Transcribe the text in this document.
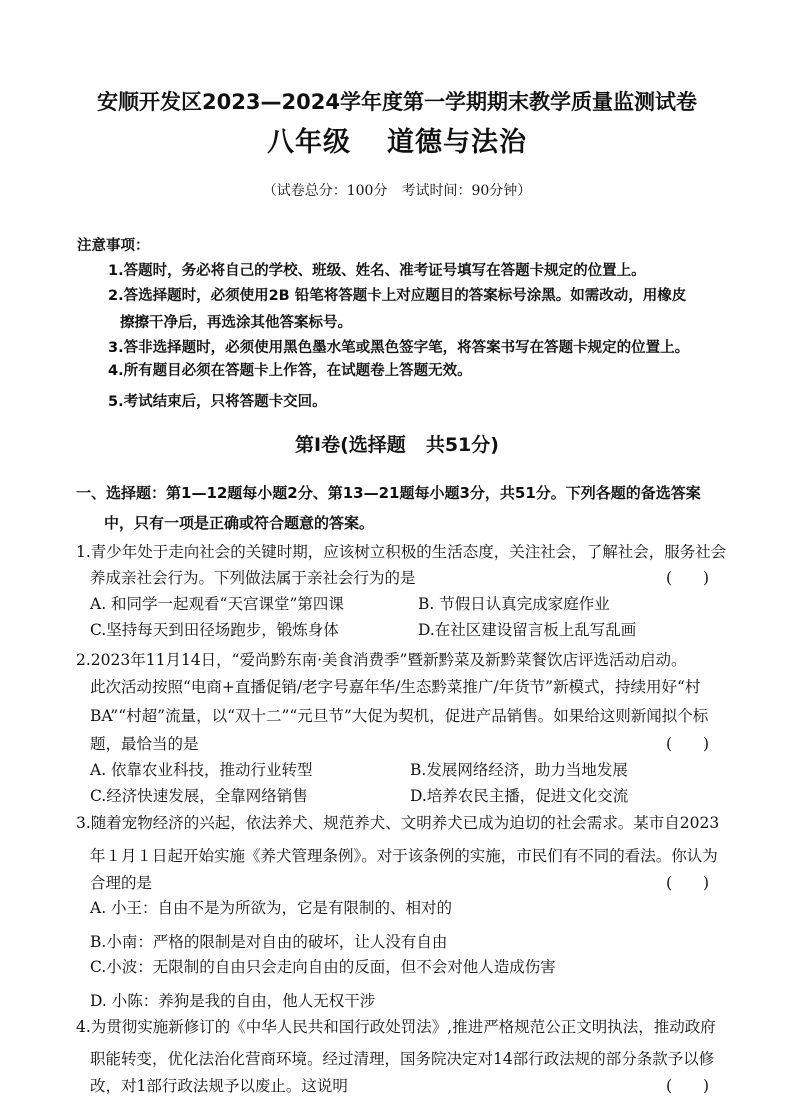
安顺开发区2023—2024学年度第一学期期末教学质量监测试卷
八年级 道德与法治
（试卷总分：100分　考试时间：90分钟）
注意事项：
1.答题时，务必将自己的学校、班级、姓名、准考证号填写在答题卡规定的位置上。
2.答选择题时，必须使用2B 铅笔将答题卡上对应题目的答案标号涂黑。如需改动，用橡皮
擦擦干净后，再选涂其他答案标号。
3.答非选择题时，必须使用黑色墨水笔或黑色签字笔，将答案书写在答题卡规定的位置上。
4.所有题目必须在答题卡上作答，在试题卷上答题无效。
5.考试结束后，只将答题卡交回。
第Ⅰ卷(选择题 共51分)
一、选择题：第1—12题每小题2分、第13—21题每小题3分，共51分。下列各题的备选答案
中，只有一项是正确或符合题意的答案。
1.青少年处于走向社会的关键时期，应该树立积极的生活态度，关注社会，了解社会，服务社会
养成亲社会行为。下列做法属于亲社会行为的是	(　　)
A. 和同学一起观看“天宫课堂”第四课	B. 节假日认真完成家庭作业
C.坚持每天到田径场跑步，锻炼身体	D.在社区建设留言板上乱写乱画
2.2023年11月14日，“爱尚黔东南·美食消费季”暨新黔菜及新黔菜餐饮店评选活动启动。
此次活动按照“电商+直播促销/老字号嘉年华/生态黔菜推广/年货节”新模式，持续用好“村
BA”“村超”流量，以“双十二”“元旦节”大促为契机，促进产品销售。如果给这则新闻拟个标
题，最恰当的是	(　　)
A. 依靠农业科技，推动行业转型	B.发展网络经济，助力当地发展
C.经济快速发展，全靠网络销售	D.培养农民主播，促进文化交流
3.随着宠物经济的兴起，依法养犬、规范养犬、文明养犬已成为迫切的社会需求。某市自2023
年１月１日起开始实施《养犬管理条例》。对于该条例的实施，市民们有不同的看法。你认为
合理的是	(　　)
A. 小王：自由不是为所欲为，它是有限制的、相对的
B.小南：严格的限制是对自由的破坏，让人没有自由
C.小波：无限制的自由只会走向自由的反面，但不会对他人造成伤害
D. 小陈：养狗是我的自由，他人无权干涉
4.为贯彻实施新修订的《中华人民共和国行政处罚法》,推进严格规范公正文明执法，推动政府
职能转变，优化法治化营商环境。经过清理，国务院决定对14部行政法规的部分条款予以修
改，对1部行政法规予以废止。这说明	(　　)
